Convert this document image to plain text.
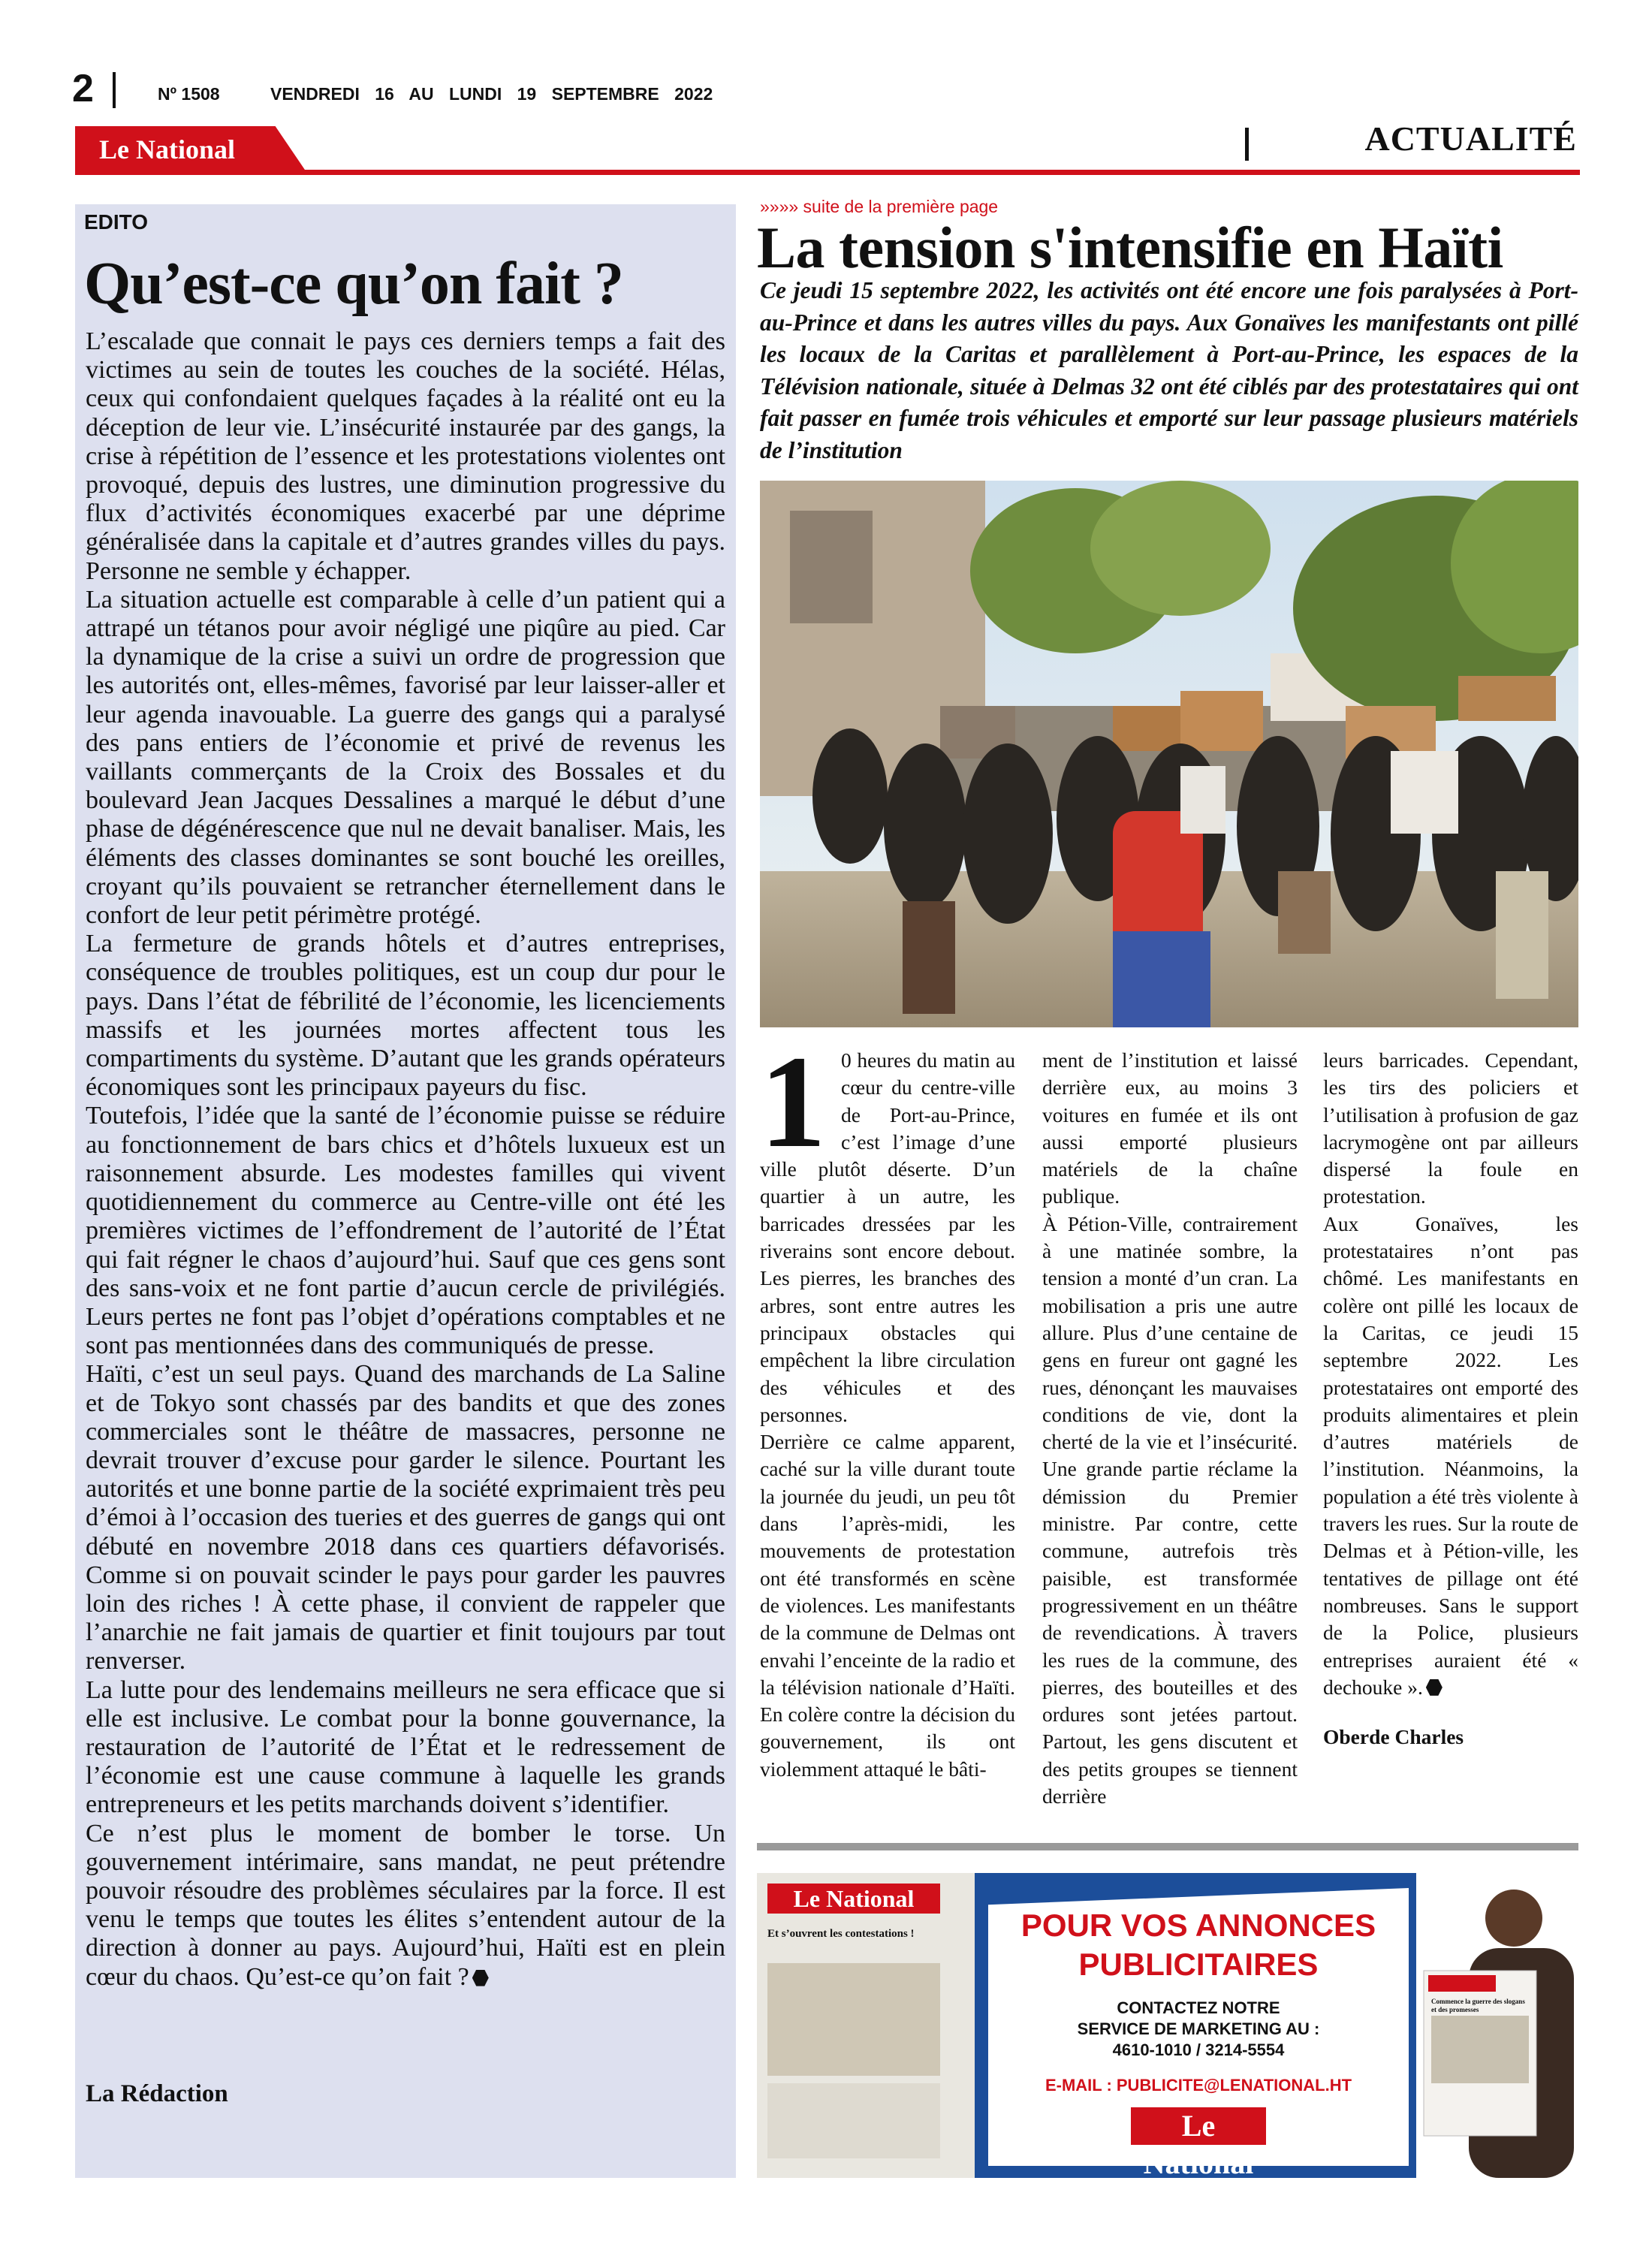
2	Nº 1508	VENDREDI 16 AU LUNDI 19 SEPTEMBRE 2022
Le National	ACTUALITÉ
EDITO
Qu’est-ce qu’on fait ?

L’escalade que connait le pays ces derniers temps a fait des victimes au sein de toutes les couches de la société. Hélas, ceux qui confondaient quelques façades à la réalité ont eu la déception de leur vie. L’insécurité instaurée par des gangs, la crise à répétition de l’essence et les protestations violentes ont provoqué, depuis des lustres, une diminution progressive du flux d’activités économiques exacerbé par une déprime généralisée dans la capitale et d’autres grandes villes du pays. Personne ne semble y échapper.

La situation actuelle est comparable à celle d’un patient qui a attrapé un tétanos pour avoir négligé une piqûre au pied. Car la dynamique de la crise a suivi un ordre de progression que les autorités ont, elles-mêmes, favorisé par leur laisser-aller et leur agenda inavouable. La guerre des gangs qui a paralysé des pans entiers de l’économie et privé de revenus les vaillants commerçants de la Croix des Bossales et du boulevard Jean Jacques Dessalines a marqué le début d’une phase de dégénérescence que nul ne devait banaliser. Mais, les éléments des classes dominantes se sont bouché les oreilles, croyant qu’ils pouvaient se retrancher éternellement dans le confort de leur petit périmètre protégé.

La fermeture de grands hôtels et d’autres entreprises, conséquence de troubles politiques, est un coup dur pour le pays. Dans l’état de fébrilité de l’économie, les licenciements massifs et les journées mortes affectent tous les compartiments du système. D’autant que les grands opérateurs économiques sont les principaux payeurs du fisc.

Toutefois, l’idée que la santé de l’économie puisse se réduire au fonctionnement de bars chics et d’hôtels luxueux est un raisonnement absurde. Les modestes familles qui vivent quotidiennement du commerce au Centre-ville ont été les premières victimes de l’effondrement de l’autorité de l’État qui fait régner le chaos d’aujourd’hui. Sauf que ces gens sont des sans-voix et ne font partie d’aucun cercle de privilégiés. Leurs pertes ne font pas l’objet d’opérations comptables et ne sont pas mentionnées dans des communiqués de presse.

Haïti, c’est un seul pays. Quand des marchands de La Saline et de Tokyo sont chassés par des bandits et que des zones commerciales sont le théâtre de massacres, personne ne devrait trouver d’excuse pour garder le silence. Pourtant les autorités et une bonne partie de la société exprimaient très peu d’émoi à l’occasion des tueries et des guerres de gangs qui ont débuté en novembre 2018 dans ces quartiers défavorisés. Comme si on pouvait scinder le pays pour garder les pauvres loin des riches ! À cette phase, il convient de rappeler que l’anarchie ne fait jamais de quartier et finit toujours par tout renverser.

La lutte pour des lendemains meilleurs ne sera efficace que si elle est inclusive. Le combat pour la bonne gouvernance, la restauration de l’autorité de l’État et le redressement de l’économie est une cause commune à laquelle les grands entrepreneurs et les petits marchands doivent s’identifier.

Ce n’est plus le moment de bomber le torse. Un gouvernement intérimaire, sans mandat, ne peut prétendre pouvoir résoudre des problèmes séculaires par la force. Il est venu le temps que toutes les élites s’entendent autour de la direction à donner au pays. Aujourd’hui, Haïti est en plein cœur du chaos. Qu’est-ce qu’on fait ?

La Rédaction
»»»» suite de la première page
La tension s'intensifie en Haïti
Ce jeudi 15 septembre 2022, les activités ont été encore une fois paralysées à Port-au-Prince et dans les autres villes du pays. Aux Gonaïves les manifestants ont pillé les locaux de la Caritas et parallèlement à Port-au-Prince, les espaces de la Télévision nationale, située à Delmas 32 ont été ciblés par des protestataires qui ont fait passer en fumée trois véhicules et emporté sur leur passage plusieurs matériels de l’institution
1 0 heures du matin au cœur du centre-ville de Port-au-Prince, c’est l’image d’une ville plutôt déserte. D’un quartier à un autre, les barricades dressées par les riverains sont encore debout. Les pierres, les branches des arbres, sont entre autres les principaux obstacles qui empêchent la libre circulation des véhicules et des personnes.

Derrière ce calme apparent, caché sur la ville durant toute la journée du jeudi, un peu tôt dans l’après-midi, les mouvements de protestation ont été transformés en scène de violences. Les manifestants de la commune de Delmas ont envahi l’enceinte de la radio et la télévision nationale d’Haïti. En colère contre la décision du gouvernement, ils ont violemment attaqué le bâti-

ment de l’institution et laissé derrière eux, au moins 3 voitures en fumée et ils ont aussi emporté plusieurs matériels de la chaîne publique.

À Pétion-Ville, contrairement à une matinée sombre, la tension a monté d’un cran. La mobilisation a pris une autre allure. Plus d’une centaine de gens en fureur ont gagné les rues, dénonçant les mauvaises conditions de vie, dont la cherté de la vie et l’insécurité. Une grande partie réclame la démission du Premier ministre. Par contre, cette commune, autrefois très paisible, est transformée progressivement en un théâtre de revendications. À travers les rues de la commune, des pierres, des bouteilles et des ordures sont jetées partout. Partout, les gens discutent et des petits groupes se tiennent derrière

leurs barricades. Cependant, les tirs des policiers et l’utilisation à profusion de gaz lacrymogène ont par ailleurs dispersé la foule en protestation.

Aux Gonaïves, les protestataires n’ont pas chômé. Les manifestants en colère ont pillé les locaux de la Caritas, ce jeudi 15 septembre 2022. Les protestataires ont emporté des produits alimentaires et plein d’autres matériels de l’institution. Néanmoins, la population a été très violente à travers les rues. Sur la route de Delmas et à Pétion-ville, les tentatives de pillage ont été nombreuses. Sans le support de la Police, plusieurs entreprises auraient été « dechouke ».

Oberde Charles
Le National
Et s’ouvrent les contestations !	POUR VOS ANNONCES
PUBLICITAIRES
CONTACTEZ NOTRE
SERVICE DE MARKETING AU :
4610-1010 / 3214-5554
E-MAIL : PUBLICITE@LENATIONAL.HT
Le National
Commence la guerre des slogans et des promesses
